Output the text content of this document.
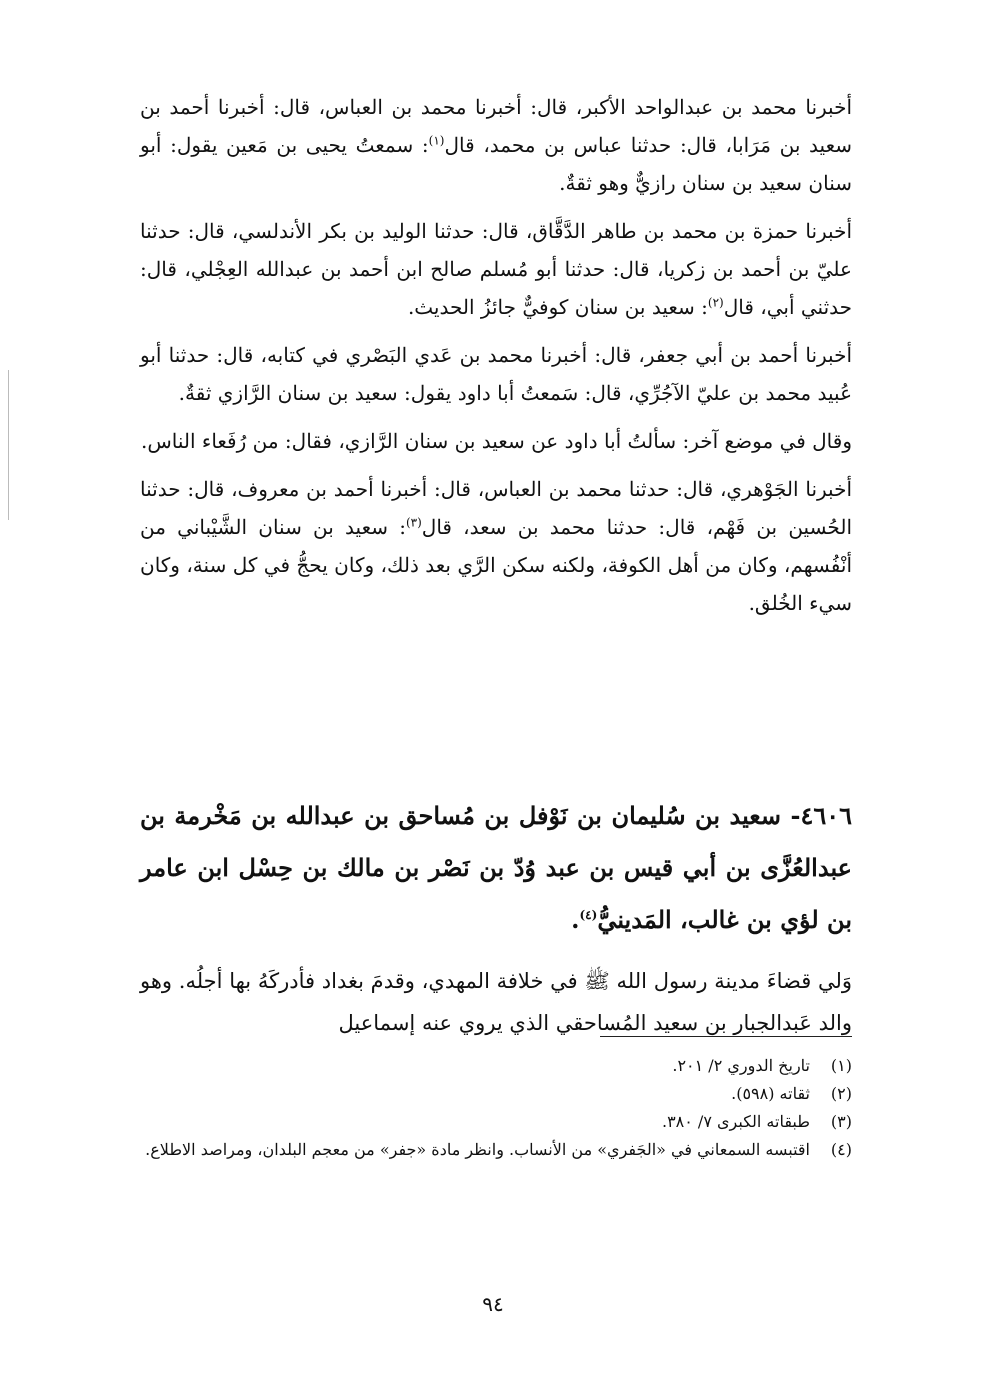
أخبرنا محمد بن عبدالواحد الأكبر، قال: أخبرنا محمد بن العباس، قال: أخبرنا أحمد بن سعيد بن مَرَابا، قال: حدثنا عباس بن محمد، قال$^{(١)}$: سمعتُ يحيى بن مَعين يقول: أبو سنان سعيد بن سنان رازيٌّ وهو ثقةٌ.

أخبرنا حمزة بن محمد بن طاهر الدَّقَّاق، قال: حدثنا الوليد بن بكر الأندلسي، قال: حدثنا عليّ بن أحمد بن زكريا، قال: حدثنا أبو مُسلم صالح ابن أحمد بن عبدالله العِجْلي، قال: حدثني أبي، قال$^{(٢)}$: سعيد بن سنان كوفيٌّ جائزُ الحديث.

أخبرنا أحمد بن أبي جعفر، قال: أخبرنا محمد بن عَدي البَصْري في كتابه، قال: حدثنا أبو عُبيد محمد بن عليّ الآجُرِّي، قال: سَمعتُ أبا داود يقول: سعيد بن سنان الرَّازي ثقةٌ.

وقال في موضع آخر: سألتُ أبا داود عن سعيد بن سنان الرَّازي، فقال: من رُفَعاء الناس.

أخبرنا الجَوْهري، قال: حدثنا محمد بن العباس، قال: أخبرنا أحمد بن معروف، قال: حدثنا الحُسين بن فَهْم، قال: حدثنا محمد بن سعد، قال$^{(٣)}$: سعيد بن سنان الشَّيْباني من أنْفُسهم، وكان من أهل الكوفة، ولكنه سكن الرَّي بعد ذلك، وكان يحجُّ في كل سنة، وكان سيء الخُلق.

٤٦٠٦- سعيد بن سُليمان بن نَوْفل بن مُساحق بن عبدالله بن مَخْرمة بن عبدالعُزَّى بن أبي قيس بن عبد وُدّ بن نَصْر بن مالك بن حِسْل ابن عامر بن لؤي بن غالب، المَدينيُّ$^{(٤)}$.

وَلي قضاءَ مدينة رسول الله ﷺ في خلافة المهدي، وقدمَ بغداد فأدركَهُ بها أجلُه. وهو والد عَبدالجبار بن سعيد المُساحقي الذي يروي عنه إسماعيل

(١)
تاريخ الدوري ٢/ ٢٠١.
(٢)
ثقاته (٥٩٨).
(٣)
طبقاته الكبرى ٧/ ٣٨٠.
(٤)
اقتبسه السمعاني في «الجَفري» من الأنساب. وانظر مادة «جفر» من معجم البلدان، ومراصد الاطلاع.
٩٤
